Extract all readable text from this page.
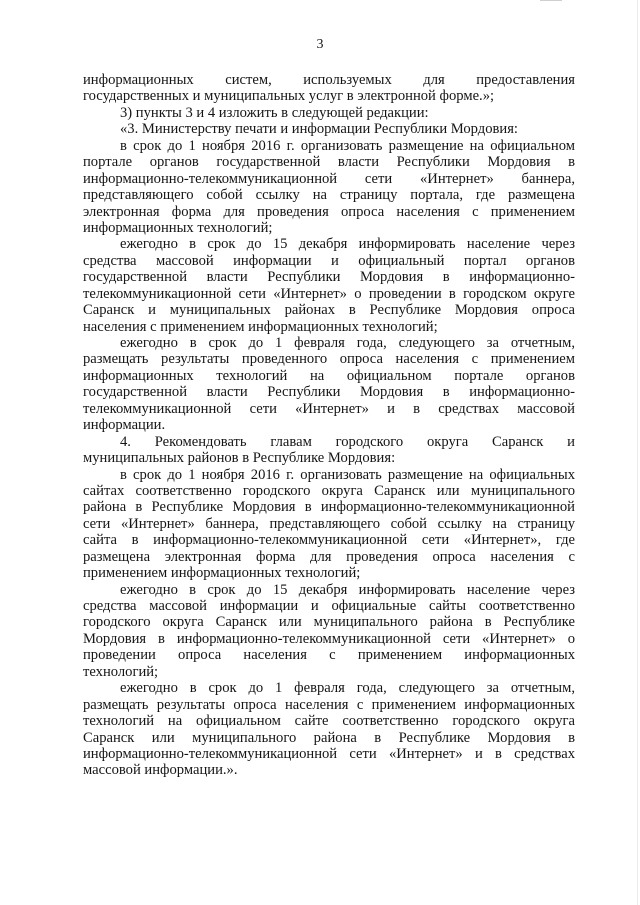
3
информационных систем, используемых для предоставления
государственных и муниципальных услуг в электронной форме.»;
3) пункты 3 и 4 изложить в следующей редакции:
«3. Министерству печати и информации Республики Мордовия:
в срок до 1 ноября 2016 г. организовать размещение на официальном
портале органов государственной власти Республики Мордовия в
информационно-телекоммуникационной сети «Интернет» баннера,
представляющего собой ссылку на страницу портала, где размещена
электронная форма для проведения опроса населения с применением
информационных технологий;
ежегодно в срок до 15 декабря информировать население через
средства массовой информации и официальный портал органов
государственной власти Республики Мордовия в информационно-
телекоммуникационной сети «Интернет» о проведении в городском округе
Саранск и муниципальных районах в Республике Мордовия опроса
населения с применением информационных технологий;
ежегодно в срок до 1 февраля года, следующего за отчетным,
размещать результаты проведенного опроса населения с применением
информационных технологий на официальном портале органов
государственной власти Республики Мордовия в информационно-
телекоммуникационной сети «Интернет» и в средствах массовой
информации.
4. Рекомендовать главам городского округа Саранск и
муниципальных районов в Республике Мордовия:
в срок до 1 ноября 2016 г. организовать размещение на официальных
сайтах соответственно городского округа Саранск или муниципального
района в Республике Мордовия в информационно-телекоммуникационной
сети «Интернет» баннера, представляющего собой ссылку на страницу
сайта в информационно-телекоммуникационной сети «Интернет», где
размещена электронная форма для проведения опроса населения с
применением информационных технологий;
ежегодно в срок до 15 декабря информировать население через
средства массовой информации и официальные сайты соответственно
городского округа Саранск или муниципального района в Республике
Мордовия в информационно-телекоммуникационной сети «Интернет» о
проведении опроса населения с применением информационных
технологий;
ежегодно в срок до 1 февраля года, следующего за отчетным,
размещать результаты опроса населения с применением информационных
технологий на официальном сайте соответственно городского округа
Саранск или муниципального района в Республике Мордовия в
информационно-телекоммуникационной сети «Интернет» и в средствах
массовой информации.».
